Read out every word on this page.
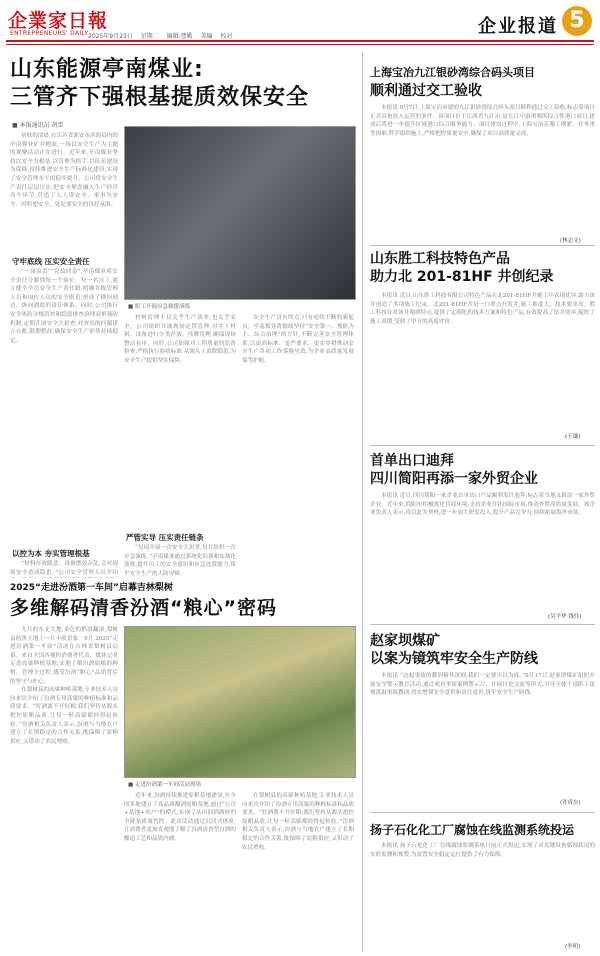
企業家日報
ENTREPRENEURS' DAILY 2025年9月23日 星期二 编辑:曹勤 美编 校对	企业报道 5
山东能源亭南煤业:
三管齐下强根基提质效保安全
■ 本报通讯员 胡雪

初秋的清晨,在江苏省淮安市滨海县内的亭南煤业矿井地面,一场以安全生产为主题的观摩活动正在进行。近年来,亭南煤业坚持以安全为根基,以管理为抓手,以队伍建设为保障,持续推进安全生产标准化建设,实现了安全管理水平的稳步提升。公司将安全生产责任层层压实,把安全理念融入生产经营各个环节,营造了人人讲安全、事事为安全、时时想安全、处处要安全的良好氛围。

守牢底线 压实安全责任

“一岗双责”“党政同责”,亭南煤业将安全责任分解到每一个岗位、每一名员工,建立健全全员安全生产责任制,明确各级管理人员和岗位人员的安全职责,形成了横向到边、纵向到底的责任体系。同时,公司推行安全风险分级管控和隐患排查治理双重预防机制,定期开展安全大检查,对查出的问题建立台账,限期整改,确保安全生产形势持续稳定。

以控为本 夯实管理根基

“材料存放随意、设备摆放杂乱,会对现场安全造成隐患。”公司安全管理人员介绍

■ 职工开展应急救援演练

材料管理不仅关乎生产效率,也关乎安全。公司组织开展现场定置管理,对井下材料、设备进行分类存放、挂牌管理,确保现场整洁有序。同时,公司加强对工程质量的监督检查,严格执行验收标准,从源头上消除隐患,为安全生产提供坚实保障。

严管实导 压实责任链条

“每周开展一次安全大讲堂,每月组织一次应急演练。”亭南煤业通过系统化培训和实战化演练,提升员工的安全意识和应急处置能力,筑牢安全生产的人防屏障。

安全生产没有终点,只有连续不断的新起点。亭南煤业将继续坚持“安全第一、预防为主、综合治理”的方针,不断完善安全管理体系,以更高标准、更严要求、更实举措推动安全生产各项工作落地见效,为企业高质量发展保驾护航。

2025“走进汾酒第一车间”启幕吉林梨树
多维解码清香汾酒“粮心”密码

九月的东北大地,金色的稻浪翻滚,梨树县的黑土地上一片丰收景象。9月,2025“走进汾酒第一车间”活动在吉林省梨树县启幕。来自全国各地的消费者代表、媒体记者走进高粱种植基地,实地了解汾酒原粮的种植、管理全过程,感受汾酒“粮心”品质背后的坚守与匠心。

在梨树县的高粱种植基地,专业技术人员向来宾介绍了汾酒专用高粱的种植标准和品质要求。“好酒离不开好粮,我们坚持从源头把控原粮品质,让每一粒高粱都经得起检验。”汾酒相关负责人表示,汾酒与当地农户建立了长期稳定的合作关系,既保障了原粮供应,又带动了农民增收。

■ 走进汾酒第一车间活动现场

近年来,汾酒持续推进原粮基地建设,在全国多地建立了高品质酿酒原粮基地,通过“公司+基地+农户”的模式,实现了从田间到酒杯的全链条质量管控。此次活动通过沉浸式体验,让消费者更加直观地了解了汾酒清香型白酒的酿造工艺和品质内涵。

在梨树县的高粱种植基地,专业技术人员向来宾介绍了汾酒专用高粱的种植标准和品质要求。“好酒离不开好粮,我们坚持从源头把控原粮品质,让每一粒高粱都经得起检验。”汾酒相关负责人表示,汾酒与当地农户建立了长期稳定的合作关系,既保障了原粮供应,又带动了农民增收。

上海宝冶九江银砂湾综合码头项目
顺利通过交工验收

本报讯 9月7日,上海宝冶承建的九江银砂湾综合码头项目顺利通过交工验收,标志着项目正式具备投入运营的条件。该项目位于江西省九江市,是长江中游重要的综合性港口项目,建成后将进一步提升区域港口综合服务能力。项目建设过程中,上海宝冶克服工期紧、任务重等困难,科学组织施工,严格把控质量安全,确保了项目高质量完成。

(林志文)
山东胜工科技特色产品
助力北 201-81HF 井创纪录

本报讯 近日,山东胜工科技有限公司特色产品在北201-81HF井施工中表现优异,助力该井创造了多项施工纪录。北201-81HF井是一口重点开发井,施工难度大、技术要求高。胜工科技针对该井地质特点,提供了定制化的技术方案和特色产品,有效提高了钻井效率,缩短了施工周期,受到了甲方的高度评价。

(于谦)
首单出口迪拜
四川简阳再添一家外贸企业

本报讯 近日,四川简阳一家企业首单出口产品顺利发往迪拜,标志着当地又新添一家外贸企业。近年来,简阳市积极优化营商环境,支持企业开拓国际市场,推动外贸高质量发展。该企业负责人表示,将以此为契机,进一步加大研发投入,提升产品竞争力,持续拓展海外市场。

(吴平华 钱佳)
赵家坝煤矿
以案为镜筑牢安全生产防线

本报讯 “这起事故的教训极其深刻,我们一定要引以为戒。”9月17日,赵家坝煤矿组织开展安全警示教育活动,通过观看事故案例警示片、开展讨论交流等形式,引导全体干部职工深刻汲取事故教训,切实增强安全意识和责任意识,筑牢安全生产防线。

(许成东)
扬子石化化工厂腐蚀在线监测系统投运

本报讯 扬子石化化工厂在线腐蚀监测系统日前正式投运,实现了对关键设备腐蚀状况的实时监测和预警,为装置安全稳定运行提供了有力保障。

(李明)
